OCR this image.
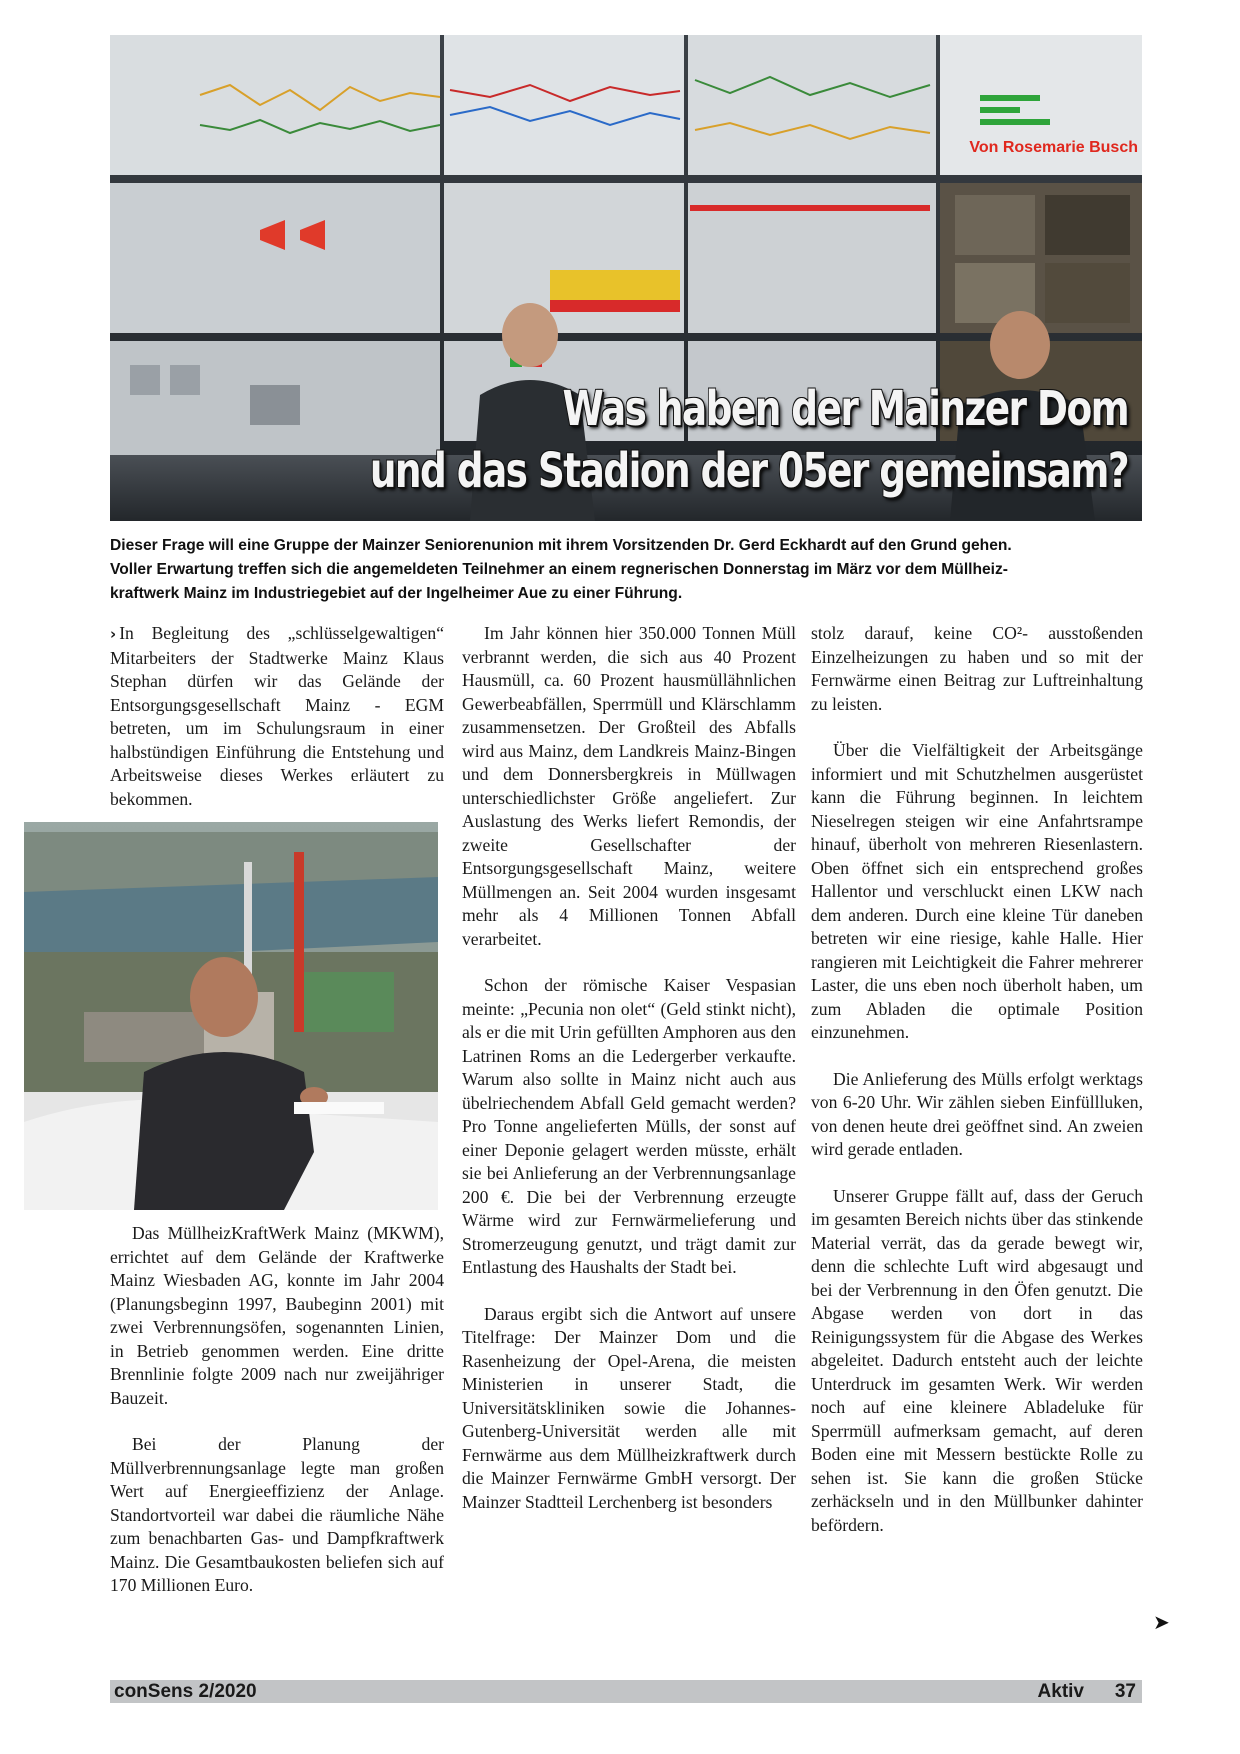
Von Rosemarie Busch
Was haben der Mainzer Dom
und das Stadion der 05er gemeinsam?

Dieser Frage will eine Gruppe der Mainzer Seniorenunion mit ihrem Vorsitzenden Dr. Gerd Eckhardt auf den Grund gehen.

Voller Erwartung treffen sich die angemeldeten Teilnehmer an einem regnerischen Donnerstag im März vor dem Müllheiz-

kraftwerk Mainz im Industriegebiet auf der Ingelheimer Aue zu einer Führung.

› In Begleitung des „schlüsselgewaltigen“ Mitarbeiters der Stadtwerke Mainz Klaus Stephan dürfen wir das Gelände der Entsorgungsgesellschaft Mainz - EGM betreten, um im Schulungsraum in einer halbstündigen Einführung die Entstehung und Arbeitsweise dieses Werkes erläutert zu bekommen.

Das MüllheizKraftWerk Mainz (MKWM), errichtet auf dem Gelände der Kraftwerke Mainz Wiesbaden AG, konnte im Jahr 2004 (Planungsbeginn 1997, Baubeginn 2001) mit zwei Verbrennungsöfen, sogenannten Linien, in Betrieb genommen werden. Eine dritte Brennlinie folgte 2009 nach nur zweijähriger Bauzeit.

Bei der Planung der Müllverbrennungsanlage legte man großen Wert auf Energieeffizienz der Anlage. Standortvorteil war dabei die räumliche Nähe zum benachbarten Gas- und Dampfkraftwerk Mainz. Die Gesamtbaukosten beliefen sich auf 170 Millionen Euro.

Im Jahr können hier 350.000 Tonnen Müll verbrannt werden, die sich aus 40 Prozent Hausmüll, ca. 60 Prozent hausmüllähnlichen Gewerbeabfällen, Sperrmüll und Klärschlamm zusammensetzen. Der Großteil des Abfalls wird aus Mainz, dem Landkreis Mainz-Bingen und dem Donnersbergkreis in Müllwagen unterschiedlichster Größe angeliefert. Zur Auslastung des Werks liefert Remondis, der zweite Gesellschafter der Entsorgungsgesellschaft Mainz, weitere Müllmengen an. Seit 2004 wurden insgesamt mehr als 4 Millionen Tonnen Abfall verarbeitet.

Schon der römische Kaiser Vespasian meinte: „Pecunia non olet“ (Geld stinkt nicht), als er die mit Urin gefüllten Amphoren aus den Latrinen Roms an die Ledergerber verkaufte. Warum also sollte in Mainz nicht auch aus übelriechendem Abfall Geld gemacht werden? Pro Tonne angelieferten Mülls, der sonst auf einer Deponie gelagert werden müsste, erhält sie bei Anlieferung an der Verbrennungsanlage 200 €. Die bei der Verbrennung erzeugte Wärme wird zur Fernwärmelieferung und Stromerzeugung genutzt, und trägt damit zur Entlastung des Haushalts der Stadt bei.

Daraus ergibt sich die Antwort auf unsere Titelfrage: Der Mainzer Dom und die Rasenheizung der Opel-Arena, die meisten Ministerien in unserer Stadt, die Universitätskliniken sowie die Johannes-Gutenberg-Universität werden alle mit Fernwärme aus dem Müllheizkraftwerk durch die Mainzer Fernwärme GmbH versorgt. Der Mainzer Stadtteil Lerchenberg ist besonders

stolz darauf, keine CO²- ausstoßenden Einzelheizungen zu haben und so mit der Fernwärme einen Beitrag zur Luftreinhaltung zu leisten.

Über die Vielfältigkeit der Arbeitsgänge informiert und mit Schutzhelmen ausgerüstet kann die Führung beginnen. In leichtem Nieselregen steigen wir eine Anfahrtsrampe hinauf, überholt von mehreren Riesenlastern. Oben öffnet sich ein entsprechend großes Hallentor und verschluckt einen LKW nach dem anderen. Durch eine kleine Tür daneben betreten wir eine riesige, kahle Halle. Hier rangieren mit Leichtigkeit die Fahrer mehrerer Laster, die uns eben noch überholt haben, um zum Abladen die optimale Position einzunehmen.

Die Anlieferung des Mülls erfolgt werktags von 6-20 Uhr. Wir zählen sieben Einfüllluken, von denen heute drei geöffnet sind. An zweien wird gerade entladen.

Unserer Gruppe fällt auf, dass der Geruch im gesamten Bereich nichts über das stinkende Material verrät, das da gerade bewegt wir, denn die schlechte Luft wird abgesaugt und bei der Verbrennung in den Öfen genutzt. Die Abgase werden von dort in das Reinigungssystem für die Abgase des Werkes abgeleitet. Dadurch entsteht auch der leichte Unterdruck im gesamten Werk. Wir werden noch auf eine kleinere Abladeluke für Sperrmüll aufmerksam gemacht, auf deren Boden eine mit Messern bestückte Rolle zu sehen ist. Sie kann die großen Stücke zerhäckseln und in den Müllbunker dahinter befördern.

➤
conSens 2/2020	Aktiv 37
